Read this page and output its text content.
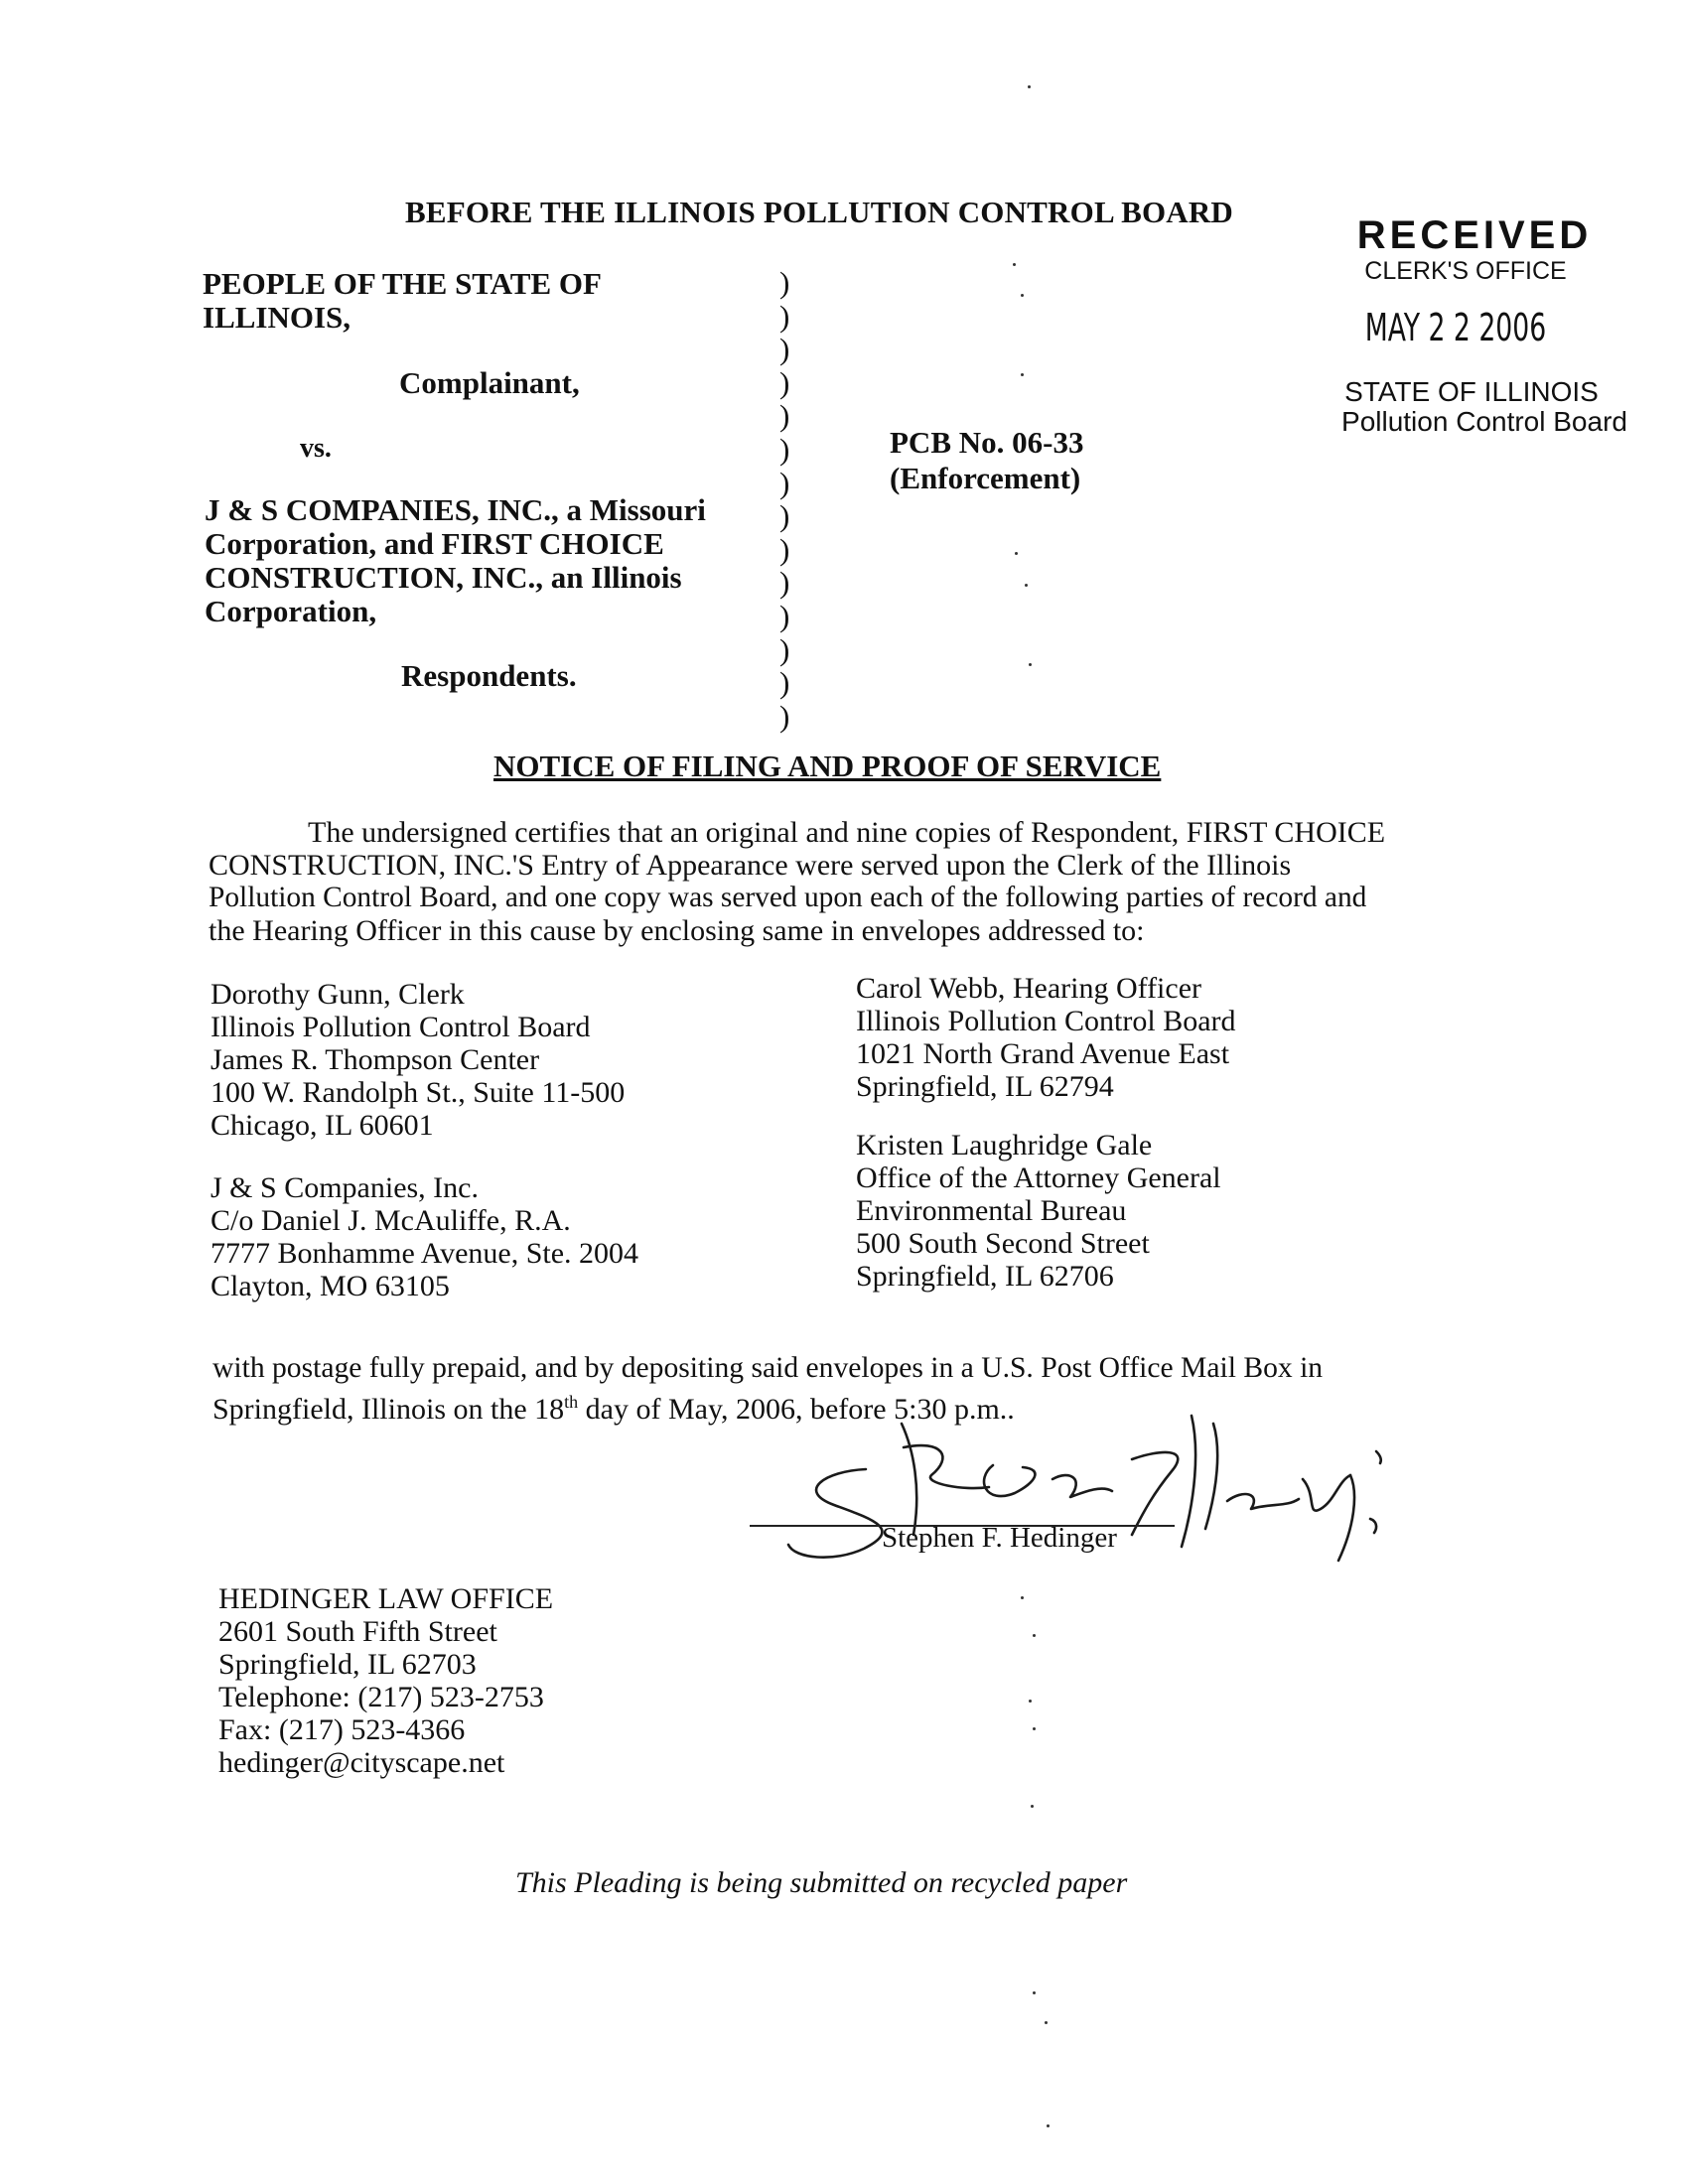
BEFORE THE ILLINOIS POLLUTION CONTROL BOARD
PEOPLE OF THE STATE OF
ILLINOIS,
Complainant,
vs.
J & S COMPANIES, INC., a Missouri
Corporation, and FIRST CHOICE
CONSTRUCTION, INC., an Illinois
Corporation,
Respondents.
)
)
)
)
)
)
)
)
)
)
)
)
)
)
PCB No. 06-33
(Enforcement)
RECEIVED
CLERK'S OFFICE
MAY 2 2 2006
STATE OF ILLINOIS
Pollution Control Board
NOTICE OF FILING AND PROOF OF SERVICE
The undersigned certifies that an original and nine copies of Respondent, FIRST CHOICE
CONSTRUCTION, INC.'S Entry of Appearance were served upon the Clerk of the Illinois
Pollution Control Board, and one copy was served upon each of the following parties of record and
the Hearing Officer in this cause by enclosing same in envelopes addressed to:
Dorothy Gunn, Clerk
Illinois Pollution Control Board
James R. Thompson Center
100 W. Randolph St., Suite 11-500
Chicago, IL 60601
J & S Companies, Inc.
C/o Daniel J. McAuliffe, R.A.
7777 Bonhamme Avenue, Ste. 2004
Clayton, MO 63105
Carol Webb, Hearing Officer
Illinois Pollution Control Board
1021 North Grand Avenue East
Springfield, IL 62794
Kristen Laughridge Gale
Office of the Attorney General
Environmental Bureau
500 South Second Street
Springfield, IL 62706
with postage fully prepaid, and by depositing said envelopes in a U.S. Post Office Mail Box in
Springfield, Illinois on the 18th day of May, 2006, before 5:30 p.m..
Stephen F. Hedinger
HEDINGER LAW OFFICE
2601 South Fifth Street
Springfield, IL 62703
Telephone: (217) 523-2753
Fax: (217) 523-4366
hedinger@cityscape.net
This Pleading is being submitted on recycled paper
